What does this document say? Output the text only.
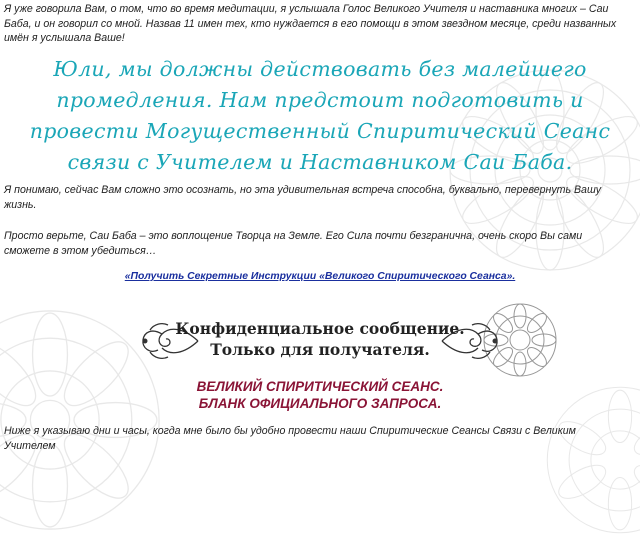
Я уже говорила Вам, о том, что во время медитации, я услышала Голос Великого Учителя и наставника многих – Саи Баба, и он говорил со мной. Назвав 11 имен тех, кто нуждается в его помощи в этом звездном месяце, среди названных имён я услышала Ваше!

Юли, мы должны действовать без малейшего промедления. Нам предстоит подготовить и провести Могущественный Спиритический Сеанс связи с Учителем и Наставником Саи Баба.

Я понимаю, сейчас Вам сложно это осознать, но эта удивительная встреча способна, буквально, перевернуть Вашу жизнь.

Просто верьте, Саи Баба – это воплощение Творца на Земле. Его Сила почти безгранична, очень скоро Вы сами сможете в этом убедиться…

«Получить Секретные Инструкции «Великого Спиритического Сеанса».
Конфиденциальное сообщение.
Только для получателя.
ВЕЛИКИЙ СПИРИТИЧЕСКИЙ СЕАНС.
БЛАНК ОФИЦИАЛЬНОГО ЗАПРОСА.

Ниже я указываю дни и часы, когда мне было бы удобно провести наши Спиритические Сеансы Связи с Великим Учителем
